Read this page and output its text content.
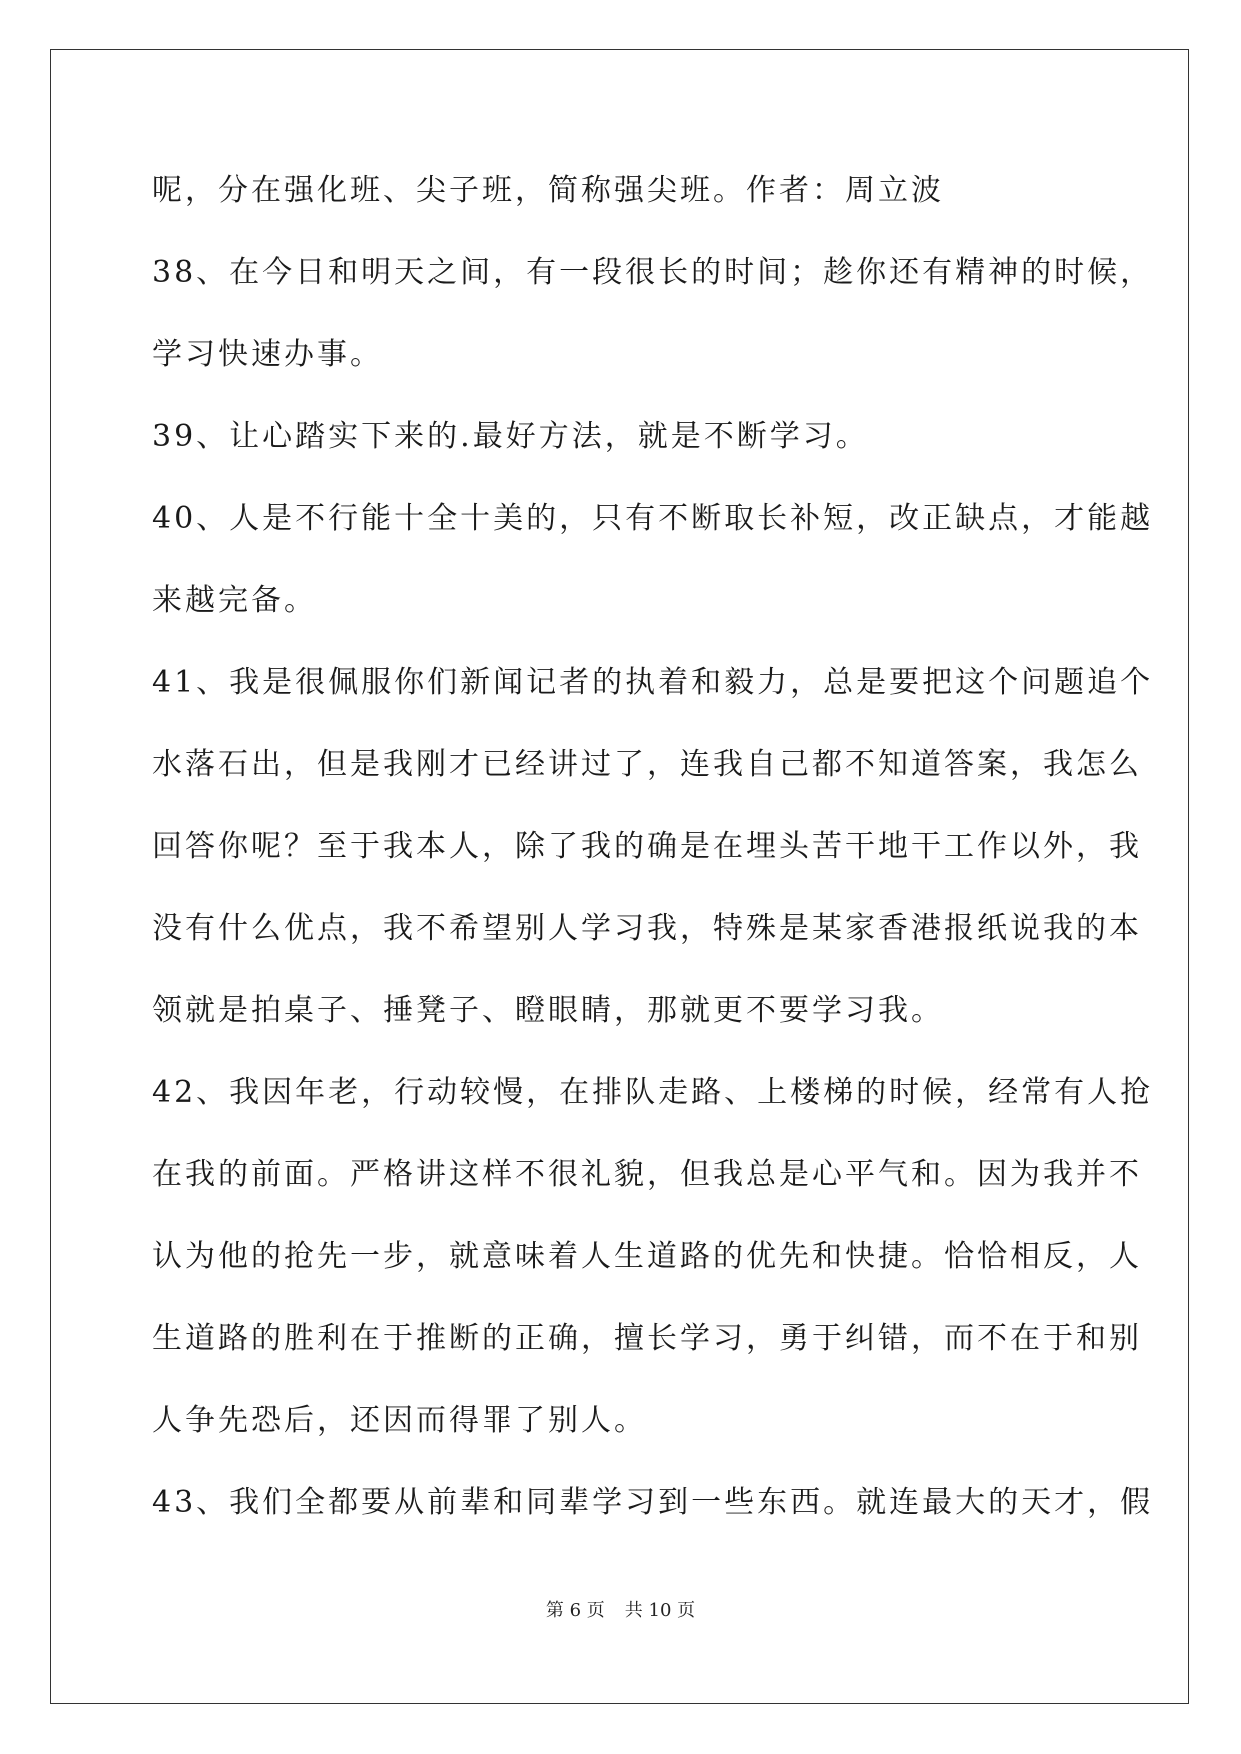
呢，分在强化班、尖子班，简称强尖班。作者：周立波

38、在今日和明天之间，有一段很长的时间；趁你还有精神的时候，

学习快速办事。

39、让心踏实下来的.最好方法，就是不断学习。

40、人是不行能十全十美的，只有不断取长补短，改正缺点，才能越

来越完备。

41、我是很佩服你们新闻记者的执着和毅力，总是要把这个问题追个

水落石出，但是我刚才已经讲过了，连我自己都不知道答案，我怎么

回答你呢？至于我本人，除了我的确是在埋头苦干地干工作以外，我

没有什么优点，我不希望别人学习我，特殊是某家香港报纸说我的本

领就是拍桌子、捶凳子、瞪眼睛，那就更不要学习我。

42、我因年老，行动较慢，在排队走路、上楼梯的时候，经常有人抢

在我的前面。严格讲这样不很礼貌，但我总是心平气和。因为我并不

认为他的抢先一步，就意味着人生道路的优先和快捷。恰恰相反，人

生道路的胜利在于推断的正确，擅长学习，勇于纠错，而不在于和别

人争先恐后，还因而得罪了别人。

43、我们全都要从前辈和同辈学习到一些东西。就连最大的天才，假

第 6 页 共 10 页
